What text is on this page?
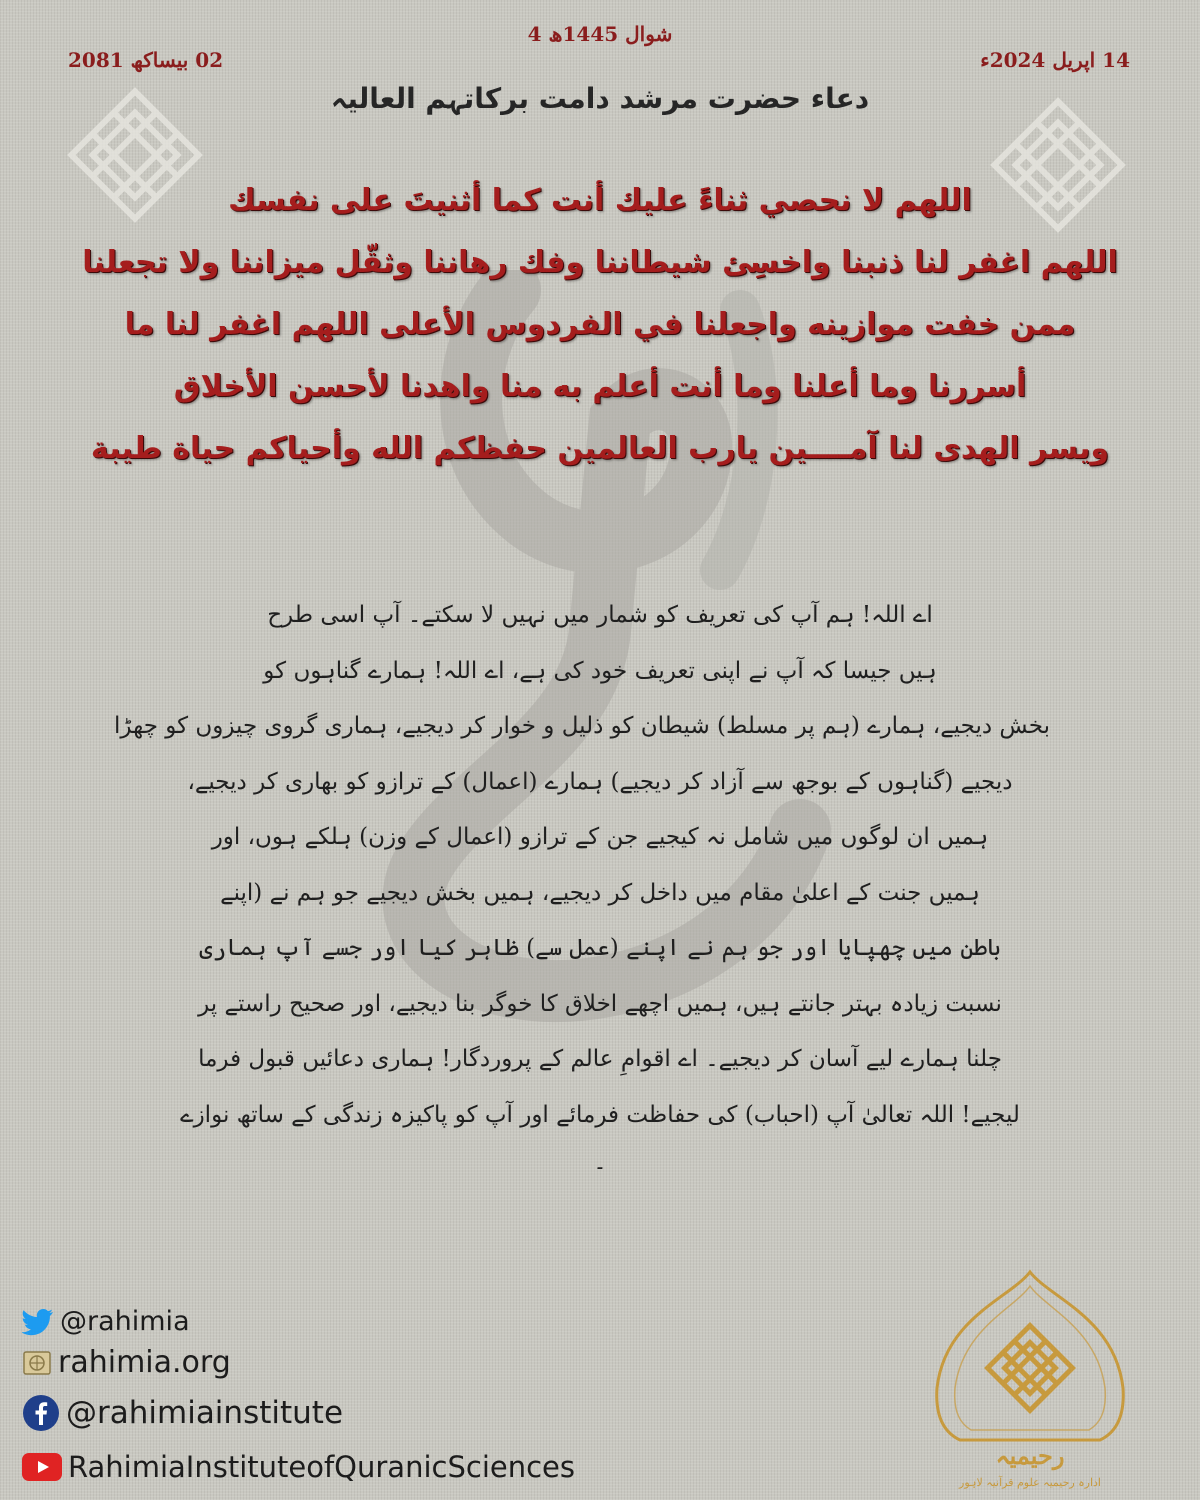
4 شوال 1445ھ
14 اپریل 2024ء
02 بیساکھ 2081
دعاء حضرت مرشد دامت برکاتہم العالیہ
اللهم لا نحصي ثناءً عليك أنت كما أثنيتَ على نفسك
اللهم اغفر لنا ذنبنا واخسِئ شيطاننا وفك رهاننا وثقّل ميزاننا ولا تجعلنا
ممن خفت موازينه واجعلنا في الفردوس الأعلى اللهم اغفر لنا ما
أسررنا وما أعلنا وما أنت أعلم به منا واهدنا لأحسن الأخلاق
ويسر الهدى لنا آمــــين يارب العالمين حفظكم الله وأحياكم حياة طيبة
اے اللہ! ہم آپ کی تعریف کو شمار میں نہیں لا سکتے۔ آپ اسی طرح
ہیں جیسا کہ آپ نے اپنی تعریف خود کی ہے، اے اللہ! ہمارے گناہوں کو
بخش دیجیے، ہمارے (ہم پر مسلط) شیطان کو ذلیل و خوار کر دیجیے، ہماری گروی چیزوں کو چھڑا
دیجیے (گناہوں کے بوجھ سے آزاد کر دیجیے) ہمارے (اعمال) کے ترازو کو بھاری کر دیجیے،
ہمیں ان لوگوں میں شامل نہ کیجیے جن کے ترازو (اعمال کے وزن) ہلکے ہوں، اور
ہمیں جنت کے اعلیٰ مقام میں داخل کر دیجیے، ہمیں بخش دیجیے جو ہم نے (اپنے
باطن میں چھپایا اور جو ہم نے اپنے (عمل سے) ظاہر کیا اور جسے آپ ہماری
نسبت زیادہ بہتر جانتے ہیں، ہمیں اچھے اخلاق کا خوگر بنا دیجیے، اور صحیح راستے پر
چلنا ہمارے لیے آسان کر دیجیے۔ اے اقوامِ عالم کے پروردگار! ہماری دعائیں قبول فرما
لیجیے! اللہ تعالیٰ آپ (احباب) کی حفاظت فرمائے اور آپ کو پاکیزہ زندگی کے ساتھ نوازے
۔
@rahimia
rahimia.org
@rahimiainstitute
RahimiaInstituteofQuranicSciences	رحیمیہ
ادارہ رحیمیہ علوم قرآنیہ لاہور
